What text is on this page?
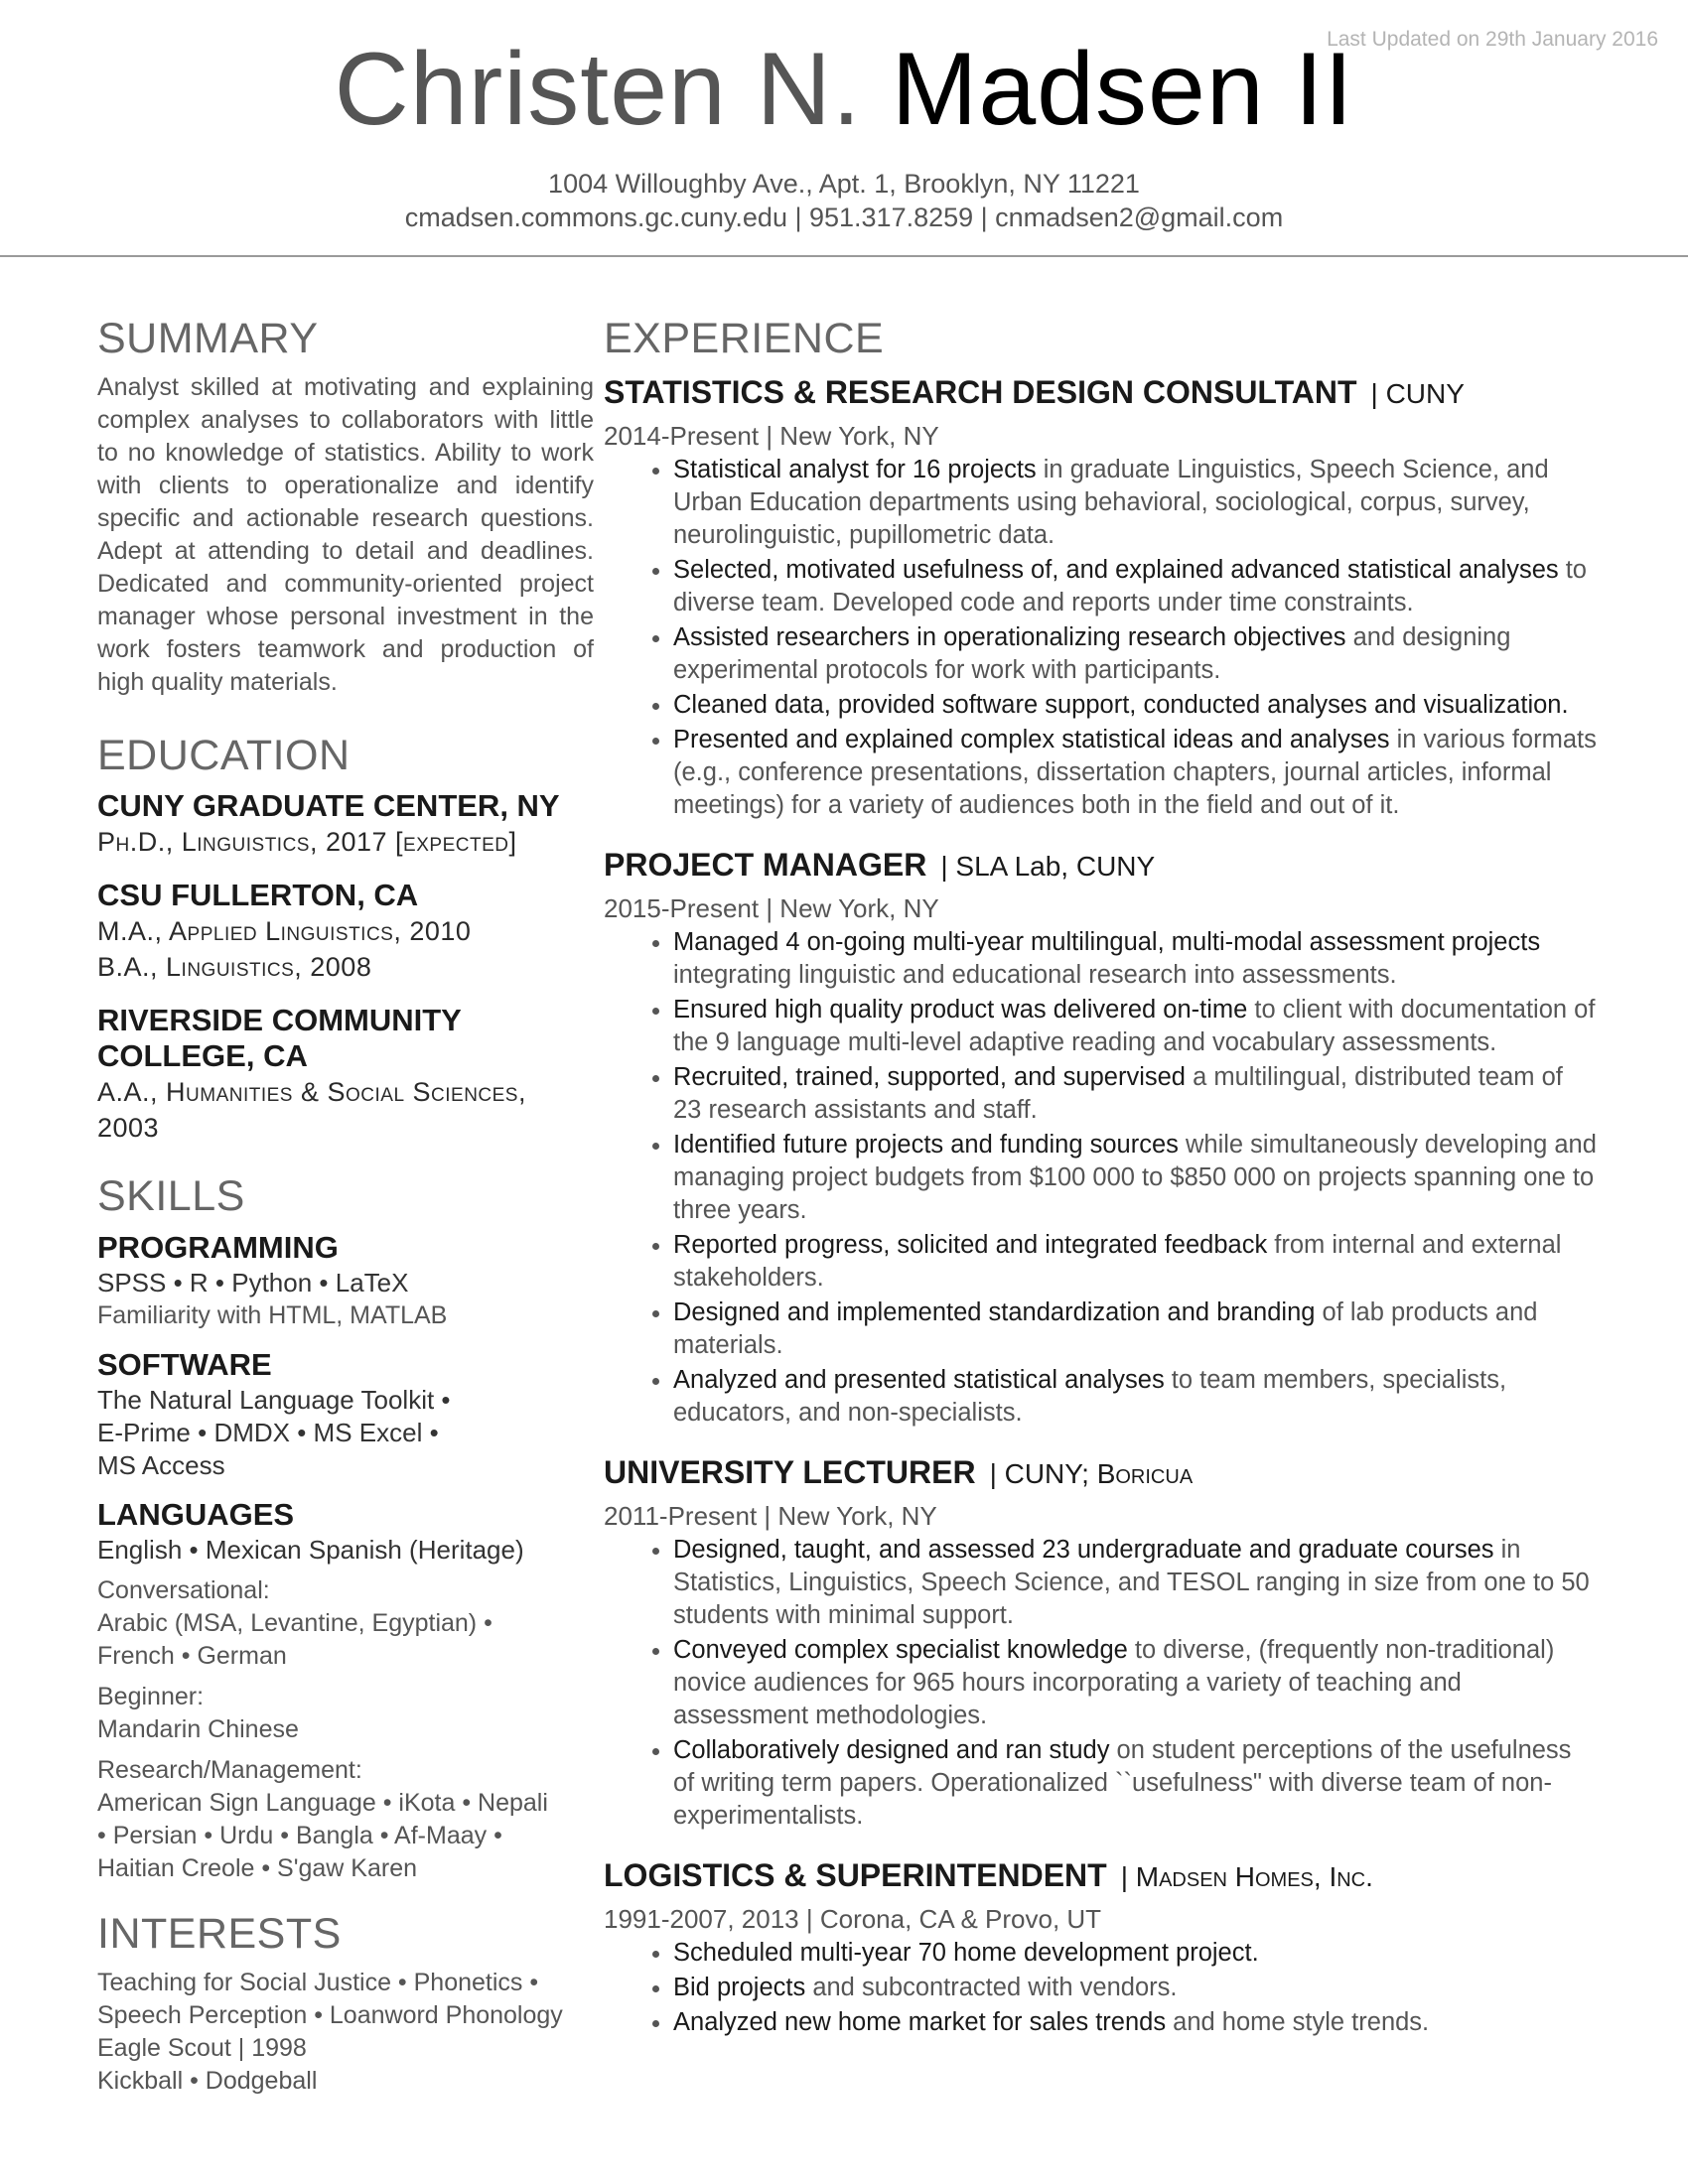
Last Updated on 29th January 2016
Christen N. Madsen II
1004 Willoughby Ave., Apt. 1, Brooklyn, NY 11221
cmadsen.commons.gc.cuny.edu | 951.317.8259 | cnmadsen2@gmail.com
SUMMARY
Analyst skilled at motivating and explaining complex analyses to collaborators with little to no knowledge of statistics. Ability to work with clients to operationalize and identify specific and actionable research questions. Adept at attending to detail and deadlines. Dedicated and community-oriented project manager whose personal investment in the work fosters teamwork and production of high quality materials.
EDUCATION
CUNY GRADUATE CENTER, NY
Ph.D., Linguistics, 2017 [expected]
CSU FULLERTON, CA
M.A., Applied Linguistics, 2010
B.A., Linguistics, 2008
RIVERSIDE COMMUNITY COLLEGE, CA
A.A., Humanities & Social Sciences, 2003
SKILLS
PROGRAMMING
SPSS • R • Python • LaTeX
Familiarity with HTML, MATLAB
SOFTWARE
The Natural Language Toolkit •
E-Prime • DMDX • MS Excel •
MS Access
LANGUAGES
English • Mexican Spanish (Heritage)
Conversational:
Arabic (MSA, Levantine, Egyptian) •
French • German
Beginner:
Mandarin Chinese
Research/Management:
American Sign Language • iKota • Nepali
• Persian • Urdu • Bangla • Af-Maay •
Haitian Creole • S'gaw Karen
INTERESTS
Teaching for Social Justice • Phonetics •
Speech Perception • Loanword Phonology
Eagle Scout | 1998
Kickball • Dodgeball
EXPERIENCE
STATISTICS & RESEARCH DESIGN CONSULTANT | CUNY
2014-Present | New York, NY
• Statistical analyst for 16 projects in graduate Linguistics, Speech Science, and Urban Education departments using behavioral, sociological, corpus, survey, neurolinguistic, pupillometric data.
• Selected, motivated usefulness of, and explained advanced statistical analyses to diverse team. Developed code and reports under time constraints.
• Assisted researchers in operationalizing research objectives and designing experimental protocols for work with participants.
• Cleaned data, provided software support, conducted analyses and visualization.
• Presented and explained complex statistical ideas and analyses in various formats (e.g., conference presentations, dissertation chapters, journal articles, informal meetings) for a variety of audiences both in the field and out of it.
PROJECT MANAGER | SLA Lab, CUNY
2015-Present | New York, NY
• Managed 4 on-going multi-year multilingual, multi-modal assessment projects integrating linguistic and educational research into assessments.
• Ensured high quality product was delivered on-time to client with documentation of the 9 language multi-level adaptive reading and vocabulary assessments.
• Recruited, trained, supported, and supervised a multilingual, distributed team of 23 research assistants and staff.
• Identified future projects and funding sources while simultaneously developing and managing project budgets from $100 000 to $850 000 on projects spanning one to three years.
• Reported progress, solicited and integrated feedback from internal and external stakeholders.
• Designed and implemented standardization and branding of lab products and materials.
• Analyzed and presented statistical analyses to team members, specialists, educators, and non-specialists.
UNIVERSITY LECTURER | CUNY; Boricua
2011-Present | New York, NY
• Designed, taught, and assessed 23 undergraduate and graduate courses in Statistics, Linguistics, Speech Science, and TESOL ranging in size from one to 50 students with minimal support.
• Conveyed complex specialist knowledge to diverse, (frequently non-traditional) novice audiences for 965 hours incorporating a variety of teaching and assessment methodologies.
• Collaboratively designed and ran study on student perceptions of the usefulness of writing term papers. Operationalized ``usefulness" with diverse team of non-experimentalists.
LOGISTICS & SUPERINTENDENT | Madsen Homes, Inc.
1991-2007, 2013 | Corona, CA & Provo, UT
• Scheduled multi-year 70 home development project.
• Bid projects and subcontracted with vendors.
• Analyzed new home market for sales trends and home style trends.
